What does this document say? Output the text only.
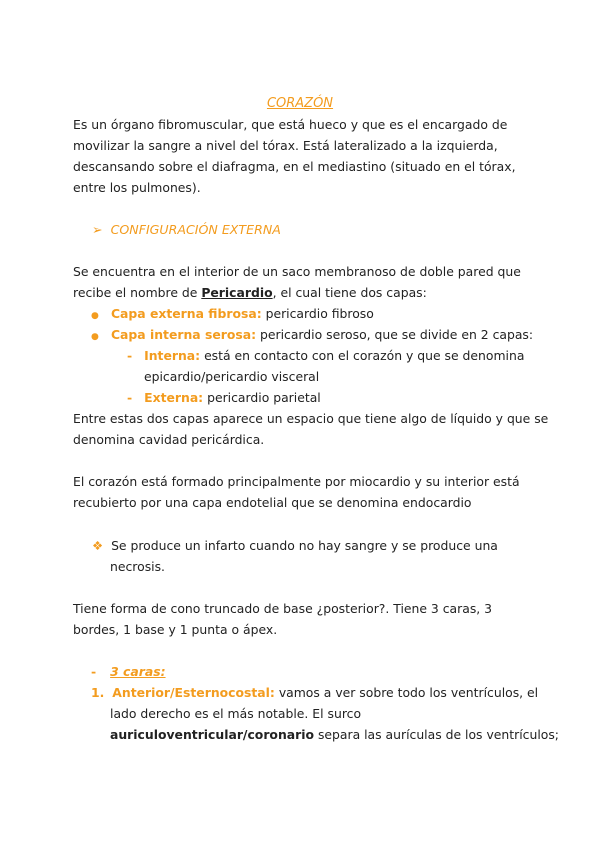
CORAZÓN
Es un órgano fibromuscular, que está hueco y que es el encargado de
movilizar la sangre a nivel del tórax. Está lateralizado a la izquierda,
descansando sobre el diafragma, en el mediastino (situado en el tórax,
entre los pulmones).
➢ CONFIGURACIÓN EXTERNA
Se encuentra en el interior de un saco membranoso de doble pared que
recibe el nombre de Pericardio, el cual tiene dos capas:
● Capa externa fibrosa: pericardio fibroso
● Capa interna serosa: pericardio seroso, que se divide en 2 capas:
- Interna: está en contacto con el corazón y que se denomina
epicardio/pericardio visceral
- Externa: pericardio parietal
Entre estas dos capas aparece un espacio que tiene algo de líquido y que se
denomina cavidad pericárdica.
El corazón está formado principalmente por miocardio y su interior está
recubierto por una capa endotelial que se denomina endocardio
❖ Se produce un infarto cuando no hay sangre y se produce una
necrosis.
Tiene forma de cono truncado de base ¿posterior?. Tiene 3 caras, 3
bordes, 1 base y 1 punta o ápex.
- 3 caras:
1. Anterior/Esternocostal: vamos a ver sobre todo los ventrículos, el
lado derecho es el más notable. El surco
auriculoventricular/coronario separa las aurículas de los ventrículos;
